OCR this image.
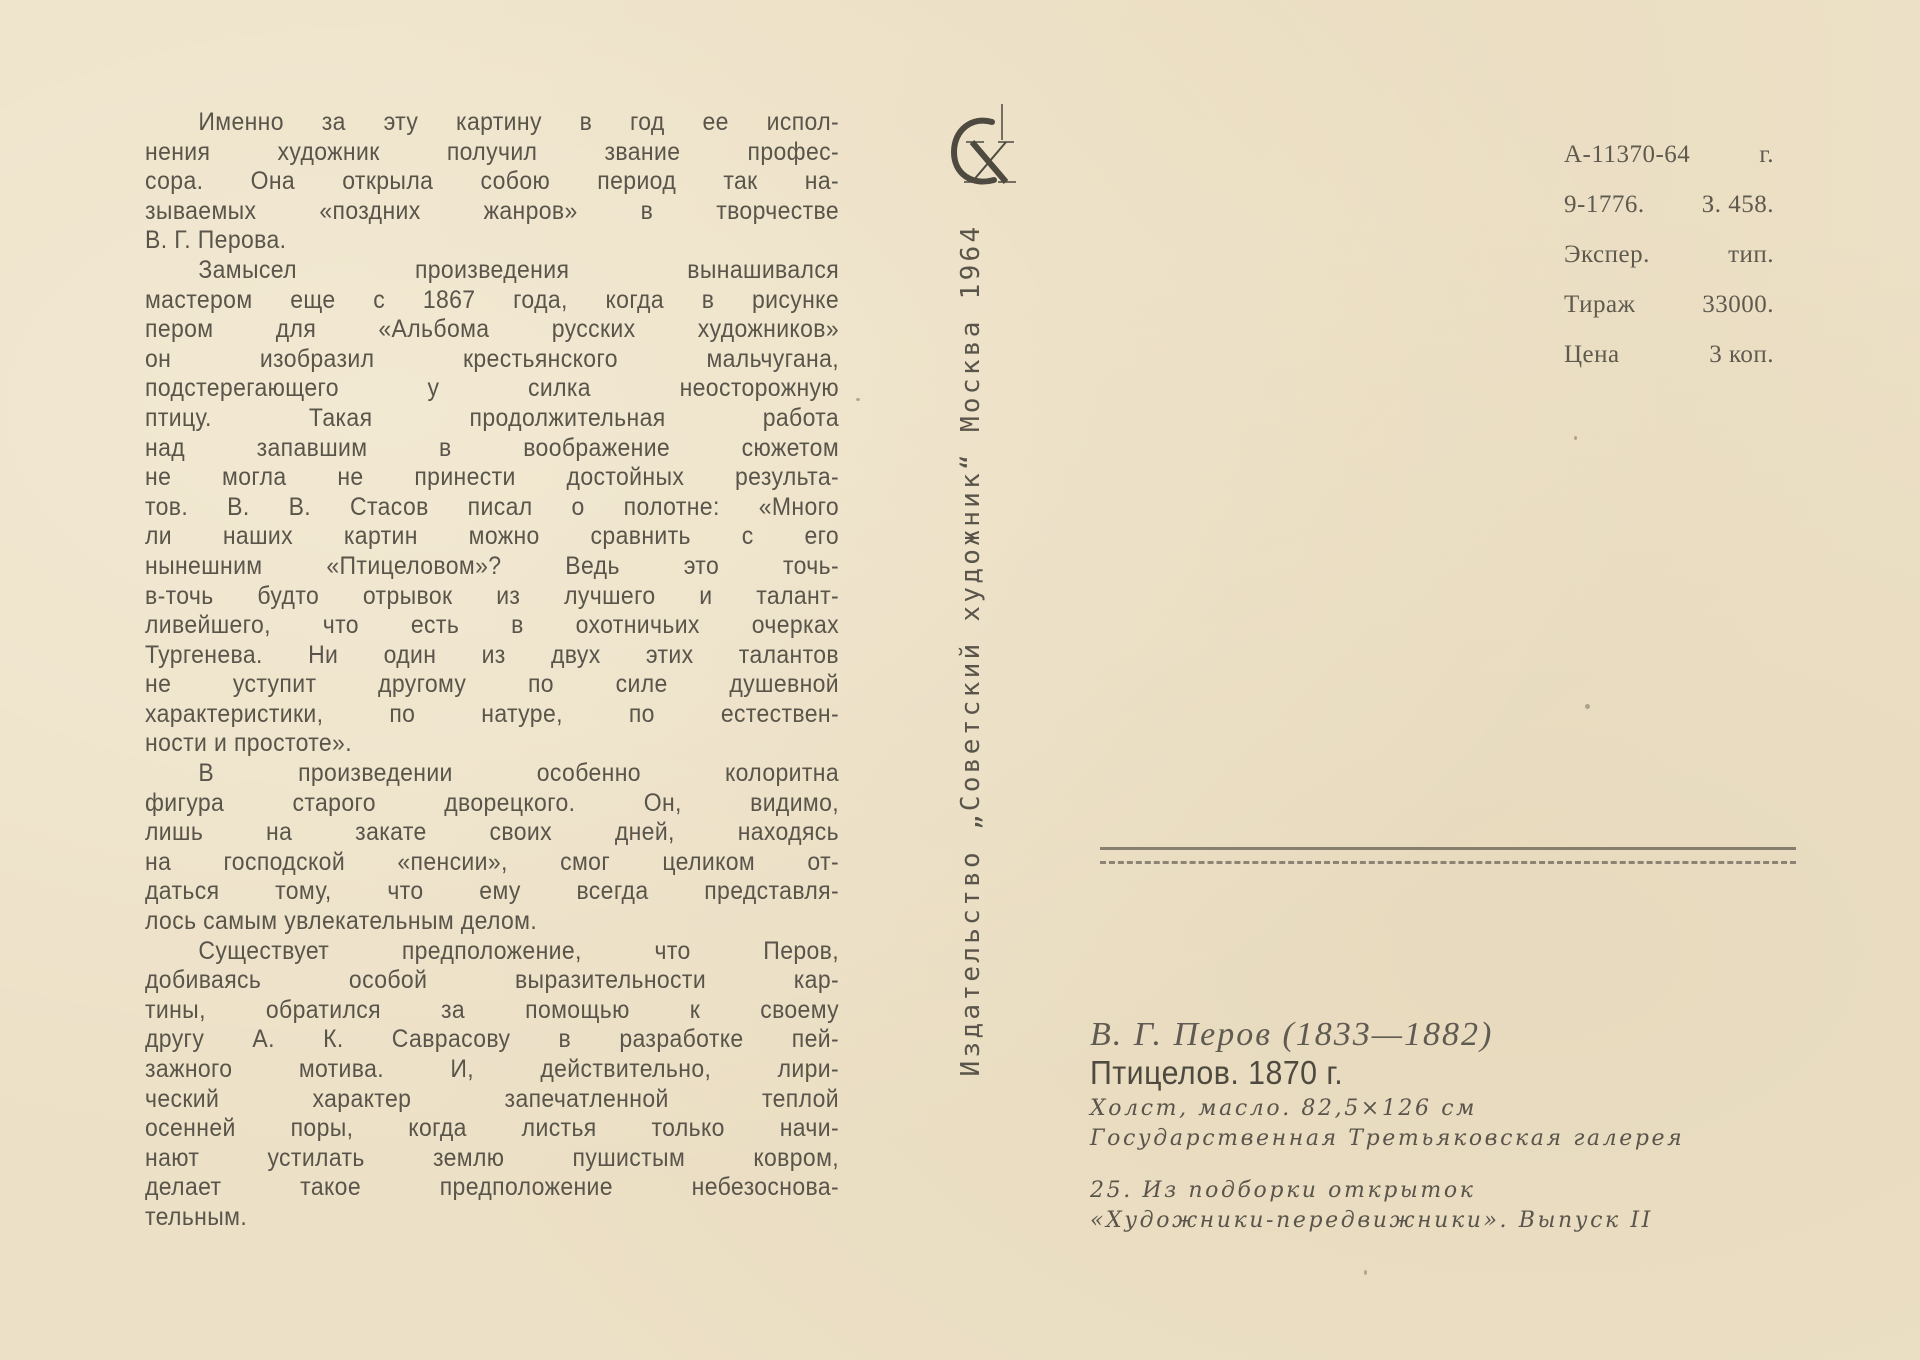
Именно за эту картину в год ее испол-
нения художник получил звание профес-
сора. Она открыла собою период так на-
зываемых «поздних жанров» в творчестве
В. Г. Перова.
Замысел произведения вынашивался
мастером еще с 1867 года, когда в рисунке
пером для «Альбома русских художников»
он изобразил крестьянского мальчугана,
подстерегающего у силка неосторожную
птицу. Такая продолжительная работа
над запавшим в воображение сюжетом
не могла не принести достойных результа-
тов. В. В. Стасов писал о полотне: «Много
ли наших картин можно сравнить с его
нынешним «Птицеловом»? Ведь это точь-
в-точь будто отрывок из лучшего и талант-
ливейшего, что есть в охотничьих очерках
Тургенева. Ни один из двух этих талантов
не уступит другому по силе душевной
характеристики, по натуре, по естествен-
ности и простоте».
В произведении особенно колоритна
фигура старого дворецкого. Он, видимо,
лишь на закате своих дней, находясь
на господской «пенсии», смог целиком от-
даться тому, что ему всегда представля-
лось самым увлекательным делом.
Существует предположение, что Перов,
добиваясь особой выразительности кар-
тины, обратился за помощью к своему
другу А. К. Саврасову в разработке пей-
зажного мотива. И, действительно, лири-
ческий характер запечатленной теплой
осенней поры, когда листья только начи-
нают устилать землю пушистым ковром,
делает такое предположение небезоснова-
тельным.
Издательство „Советский художник“ Москва 1964
А-11370-64	г.
9-1776. З. 458.
Экспер.	тип.
Тираж	33000.
Цена	3 коп.
В. Г. Перов (1833—1882)
Птицелов. 1870 г.
Холст, масло. 82,5×126 см
Государственная Третьяковская галерея
25. Из подборки открыток
«Художники-передвижники». Выпуск II
